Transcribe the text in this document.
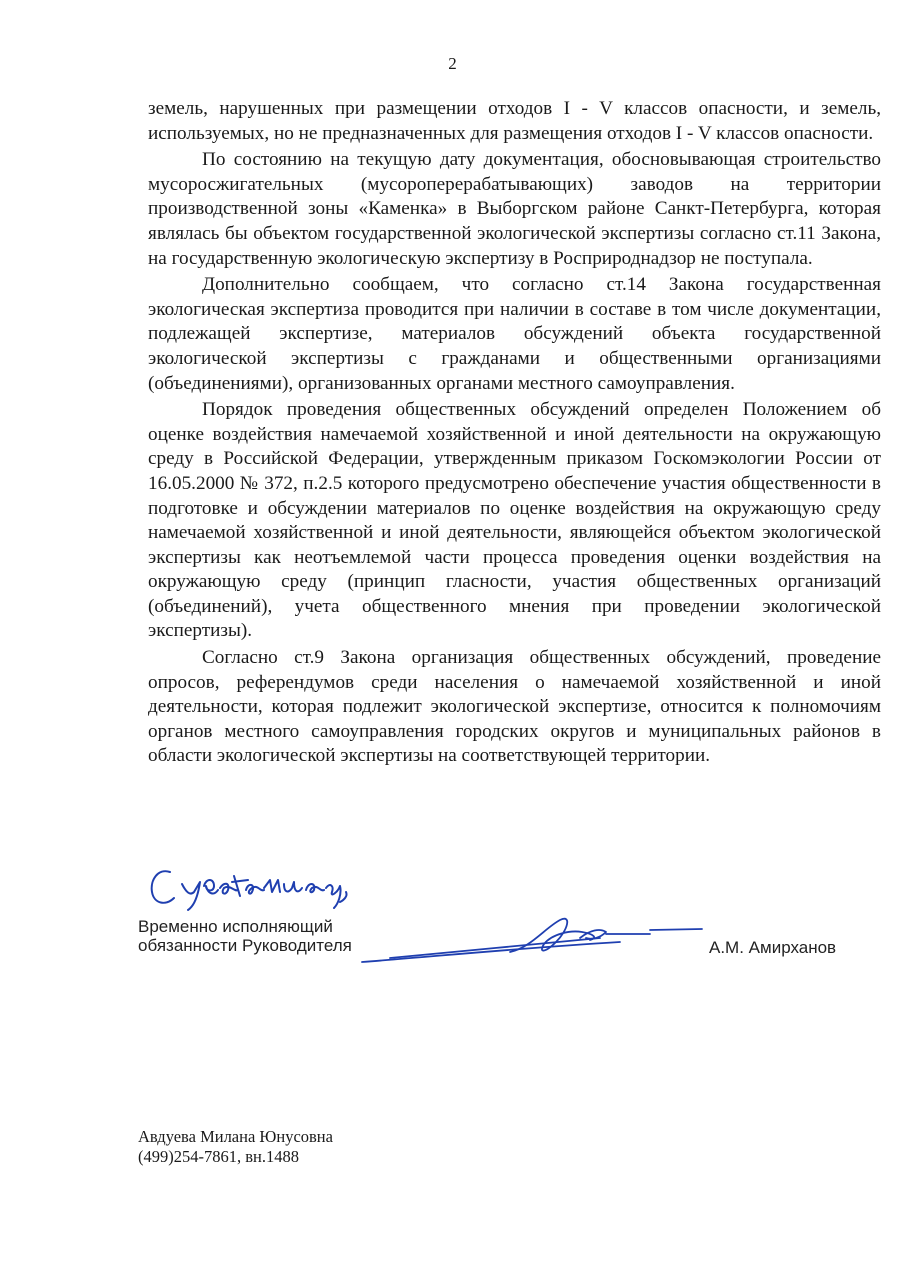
2

земель, нарушенных при размещении отходов I - V классов опасности, и земель, используемых, но не предназначенных для размещения отходов I - V классов опасности.

По состоянию на текущую дату документация, обосновывающая строительство мусоросжигательных (мусороперерабатывающих) заводов на территории производственной зоны «Каменка» в Выборгском районе Санкт-Петербурга, которая являлась бы объектом государственной экологической экспертизы согласно ст.11 Закона, на государственную экологическую экспертизу в Росприроднадзор не поступала.

Дополнительно сообщаем, что согласно ст.14 Закона государственная экологическая экспертиза проводится при наличии в составе в том числе документации, подлежащей экспертизе, материалов обсуждений объекта государственной экологической экспертизы с гражданами и общественными организациями (объединениями), организованных органами местного самоуправления.

Порядок проведения общественных обсуждений определен Положением об оценке воздействия намечаемой хозяйственной и иной деятельности на окружающую среду в Российской Федерации, утвержденным приказом Госкомэкологии России от 16.05.2000 № 372, п.2.5 которого предусмотрено обеспечение участия общественности в подготовке и обсуждении материалов по оценке воздействия на окружающую среду намечаемой хозяйственной и иной деятельности, являющейся объектом экологической экспертизы как неотъемлемой части процесса проведения оценки воздействия на окружающую среду (принцип гласности, участия общественных организаций (объединений), учета общественного мнения при проведении экологической экспертизы).

Согласно ст.9 Закона организация общественных обсуждений, проведение опросов, референдумов среди населения о намечаемой хозяйственной и иной деятельности, которая подлежит экологической экспертизе, относится к полномочиям органов местного самоуправления городских округов и муниципальных районов в области экологической экспертизы на соответствующей территории.

Временно исполняющий
обязанности Руководителя	А.М. Амирханов
Авдуева Милана Юнусовна
(499)254-7861, вн.1488
